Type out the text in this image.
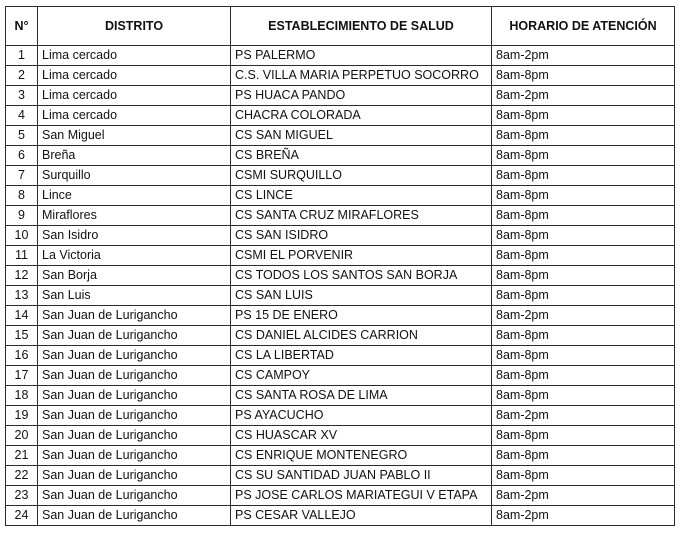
N°	DISTRITO	ESTABLECIMIENTO DE SALUD	HORARIO DE ATENCIÓN
1	Lima cercado	PS PALERMO	8am-2pm
2	Lima cercado	C.S. VILLA MARIA PERPETUO SOCORRO	8am-8pm
3	Lima cercado	PS HUACA PANDO	8am-2pm
4	Lima cercado	CHACRA COLORADA	8am-8pm
5	San Miguel	CS SAN MIGUEL	8am-8pm
6	Breña	CS BREÑA	8am-8pm
7	Surquillo	CSMI SURQUILLO	8am-8pm
8	Lince	CS LINCE	8am-8pm
9	Miraflores	CS SANTA CRUZ MIRAFLORES	8am-8pm
10	San Isidro	CS SAN ISIDRO	8am-8pm
11	La Victoria	CSMI EL PORVENIR	8am-8pm
12	San Borja	CS TODOS LOS SANTOS SAN BORJA	8am-8pm
13	San Luis	CS SAN LUIS	8am-8pm
14	San Juan de Lurigancho	PS 15 DE ENERO	8am-2pm
15	San Juan de Lurigancho	CS DANIEL ALCIDES CARRION	8am-8pm
16	San Juan de Lurigancho	CS LA LIBERTAD	8am-8pm
17	San Juan de Lurigancho	CS CAMPOY	8am-8pm
18	San Juan de Lurigancho	CS SANTA ROSA DE LIMA	8am-8pm
19	San Juan de Lurigancho	PS AYACUCHO	8am-2pm
20	San Juan de Lurigancho	CS HUASCAR XV	8am-8pm
21	San Juan de Lurigancho	CS ENRIQUE MONTENEGRO	8am-8pm
22	San Juan de Lurigancho	CS SU SANTIDAD JUAN PABLO II	8am-8pm
23	San Juan de Lurigancho	PS JOSE CARLOS MARIATEGUI V ETAPA	8am-2pm
24	San Juan de Lurigancho	PS CESAR VALLEJO	8am-2pm
